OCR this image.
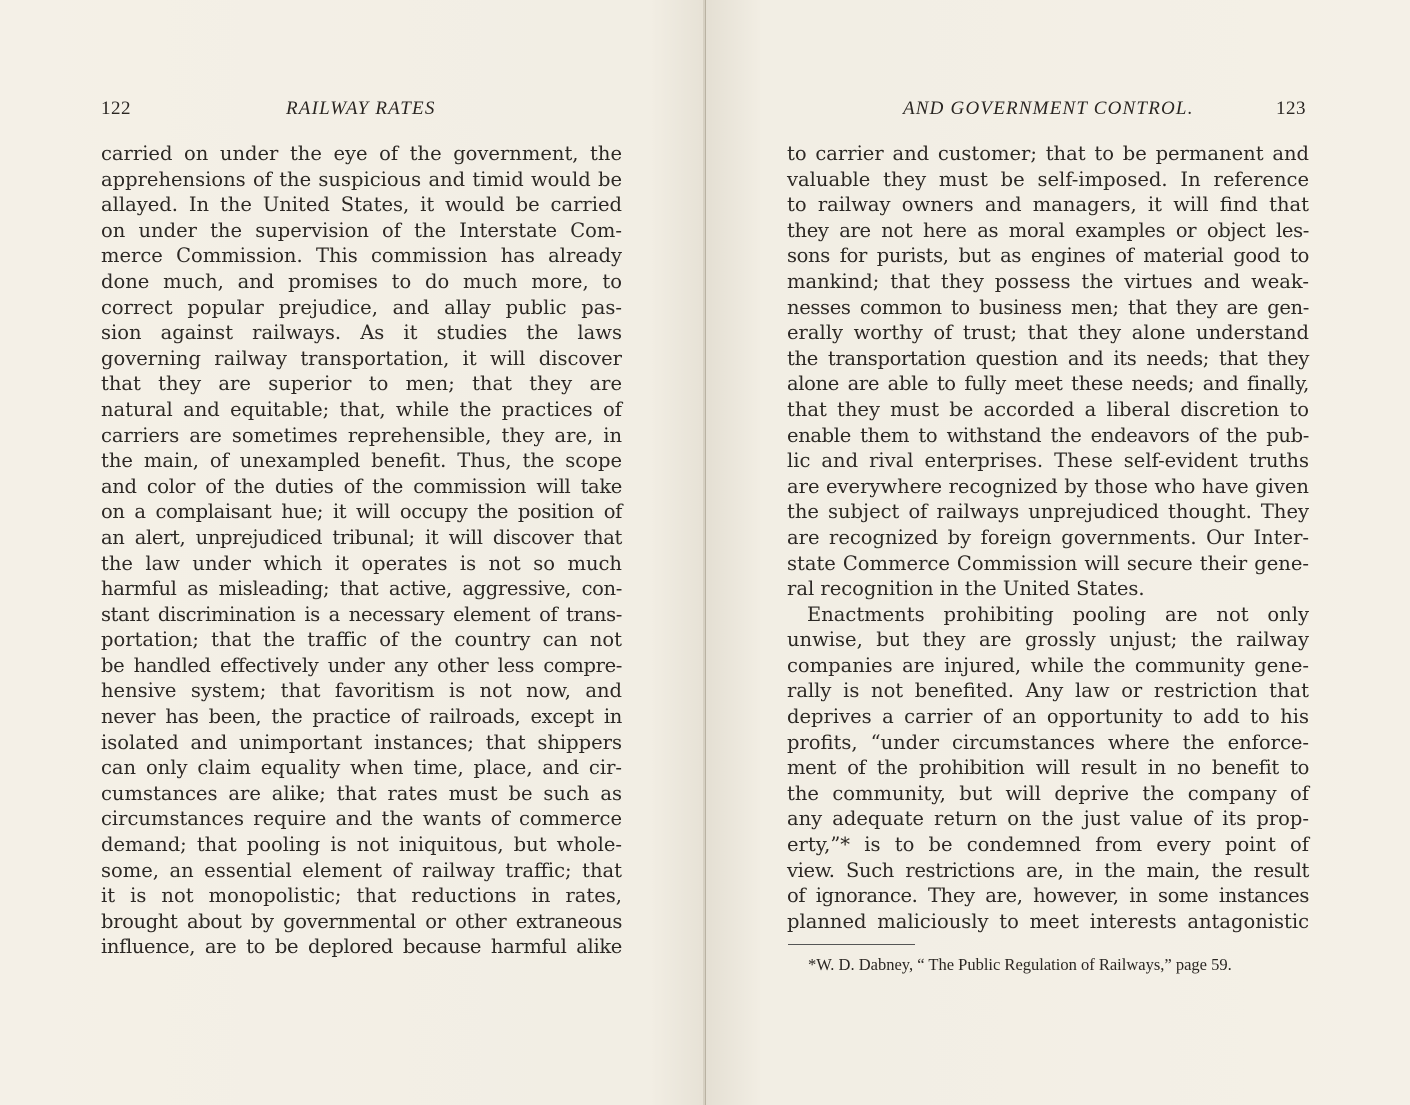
122	RAILWAY RATES	AND GOVERNMENT CONTROL.	123
carried on under the eye of the government, the
apprehensions of the suspicious and timid would be
allayed. In the United States, it would be carried
on under the supervision of the Interstate Com-
merce Commission. This commission has already
done much, and promises to do much more, to
correct popular prejudice, and allay public pas-
sion against railways. As it studies the laws
governing railway transportation, it will discover
that they are superior to men; that they are
natural and equitable; that, while the practices of
carriers are sometimes reprehensible, they are, in
the main, of unexampled benefit. Thus, the scope
and color of the duties of the commission will take
on a complaisant hue; it will occupy the position of
an alert, unprejudiced tribunal; it will discover that
the law under which it operates is not so much
harmful as misleading; that active, aggressive, con-
stant discrimination is a necessary element of trans-
portation; that the traffic of the country can not
be handled effectively under any other less compre-
hensive system; that favoritism is not now, and
never has been, the practice of railroads, except in
isolated and unimportant instances; that shippers
can only claim equality when time, place, and cir-
cumstances are alike; that rates must be such as
circumstances require and the wants of commerce
demand; that pooling is not iniquitous, but whole-
some, an essential element of railway traffic; that
it is not monopolistic; that reductions in rates,
brought about by governmental or other extraneous
influence, are to be deplored because harmful alike
to carrier and customer; that to be permanent and
valuable they must be self-imposed. In reference
to railway owners and managers, it will find that
they are not here as moral examples or object les-
sons for purists, but as engines of material good to
mankind; that they possess the virtues and weak-
nesses common to business men; that they are gen-
erally worthy of trust; that they alone understand
the transportation question and its needs; that they
alone are able to fully meet these needs; and finally,
that they must be accorded a liberal discretion to
enable them to withstand the endeavors of the pub-
lic and rival enterprises. These self-evident truths
are everywhere recognized by those who have given
the subject of railways unprejudiced thought. They
are recognized by foreign governments. Our Inter-
state Commerce Commission will secure their gene-
ral recognition in the United States.
Enactments prohibiting pooling are not only
unwise, but they are grossly unjust; the railway
companies are injured, while the community gene-
rally is not benefited. Any law or restriction that
deprives a carrier of an opportunity to add to his
profits, “under circumstances where the enforce-
ment of the prohibition will result in no benefit to
the community, but will deprive the company of
any adequate return on the just value of its prop-
erty,”* is to be condemned from every point of
view. Such restrictions are, in the main, the result
of ignorance. They are, however, in some instances
planned maliciously to meet interests antagonistic
*W. D. Dabney, “ The Public Regulation of Railways,” page 59.
